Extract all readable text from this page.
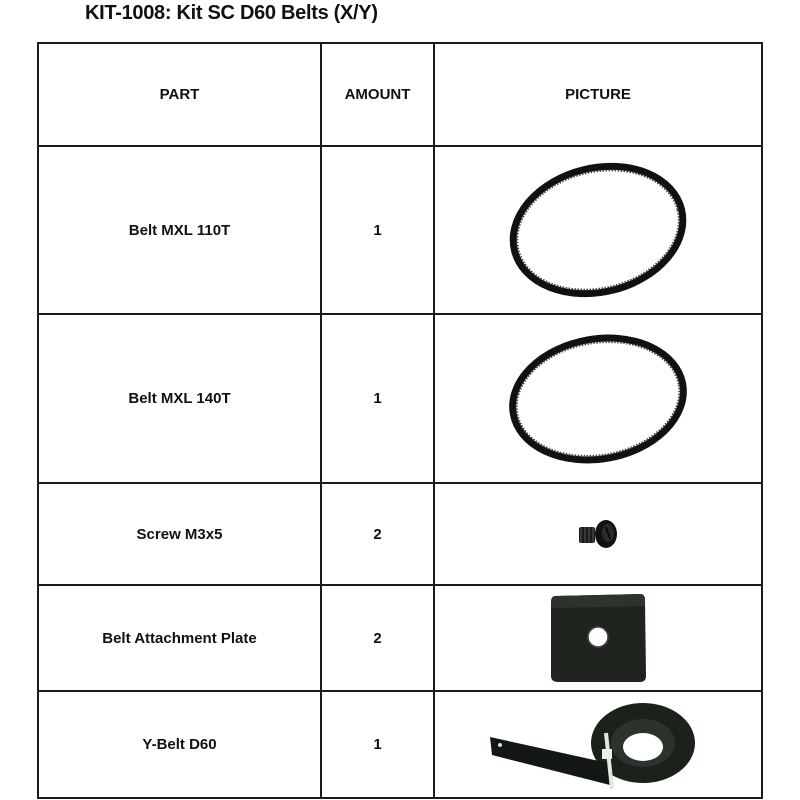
KIT-1008: Kit SC D60 Belts (X/Y)
PART	AMOUNT	PICTURE
Belt MXL 110T	1	

Belt MXL 140T	1	

Screw M3x5	2	

Belt Attachment Plate	2	

Y-Belt D60	1	
